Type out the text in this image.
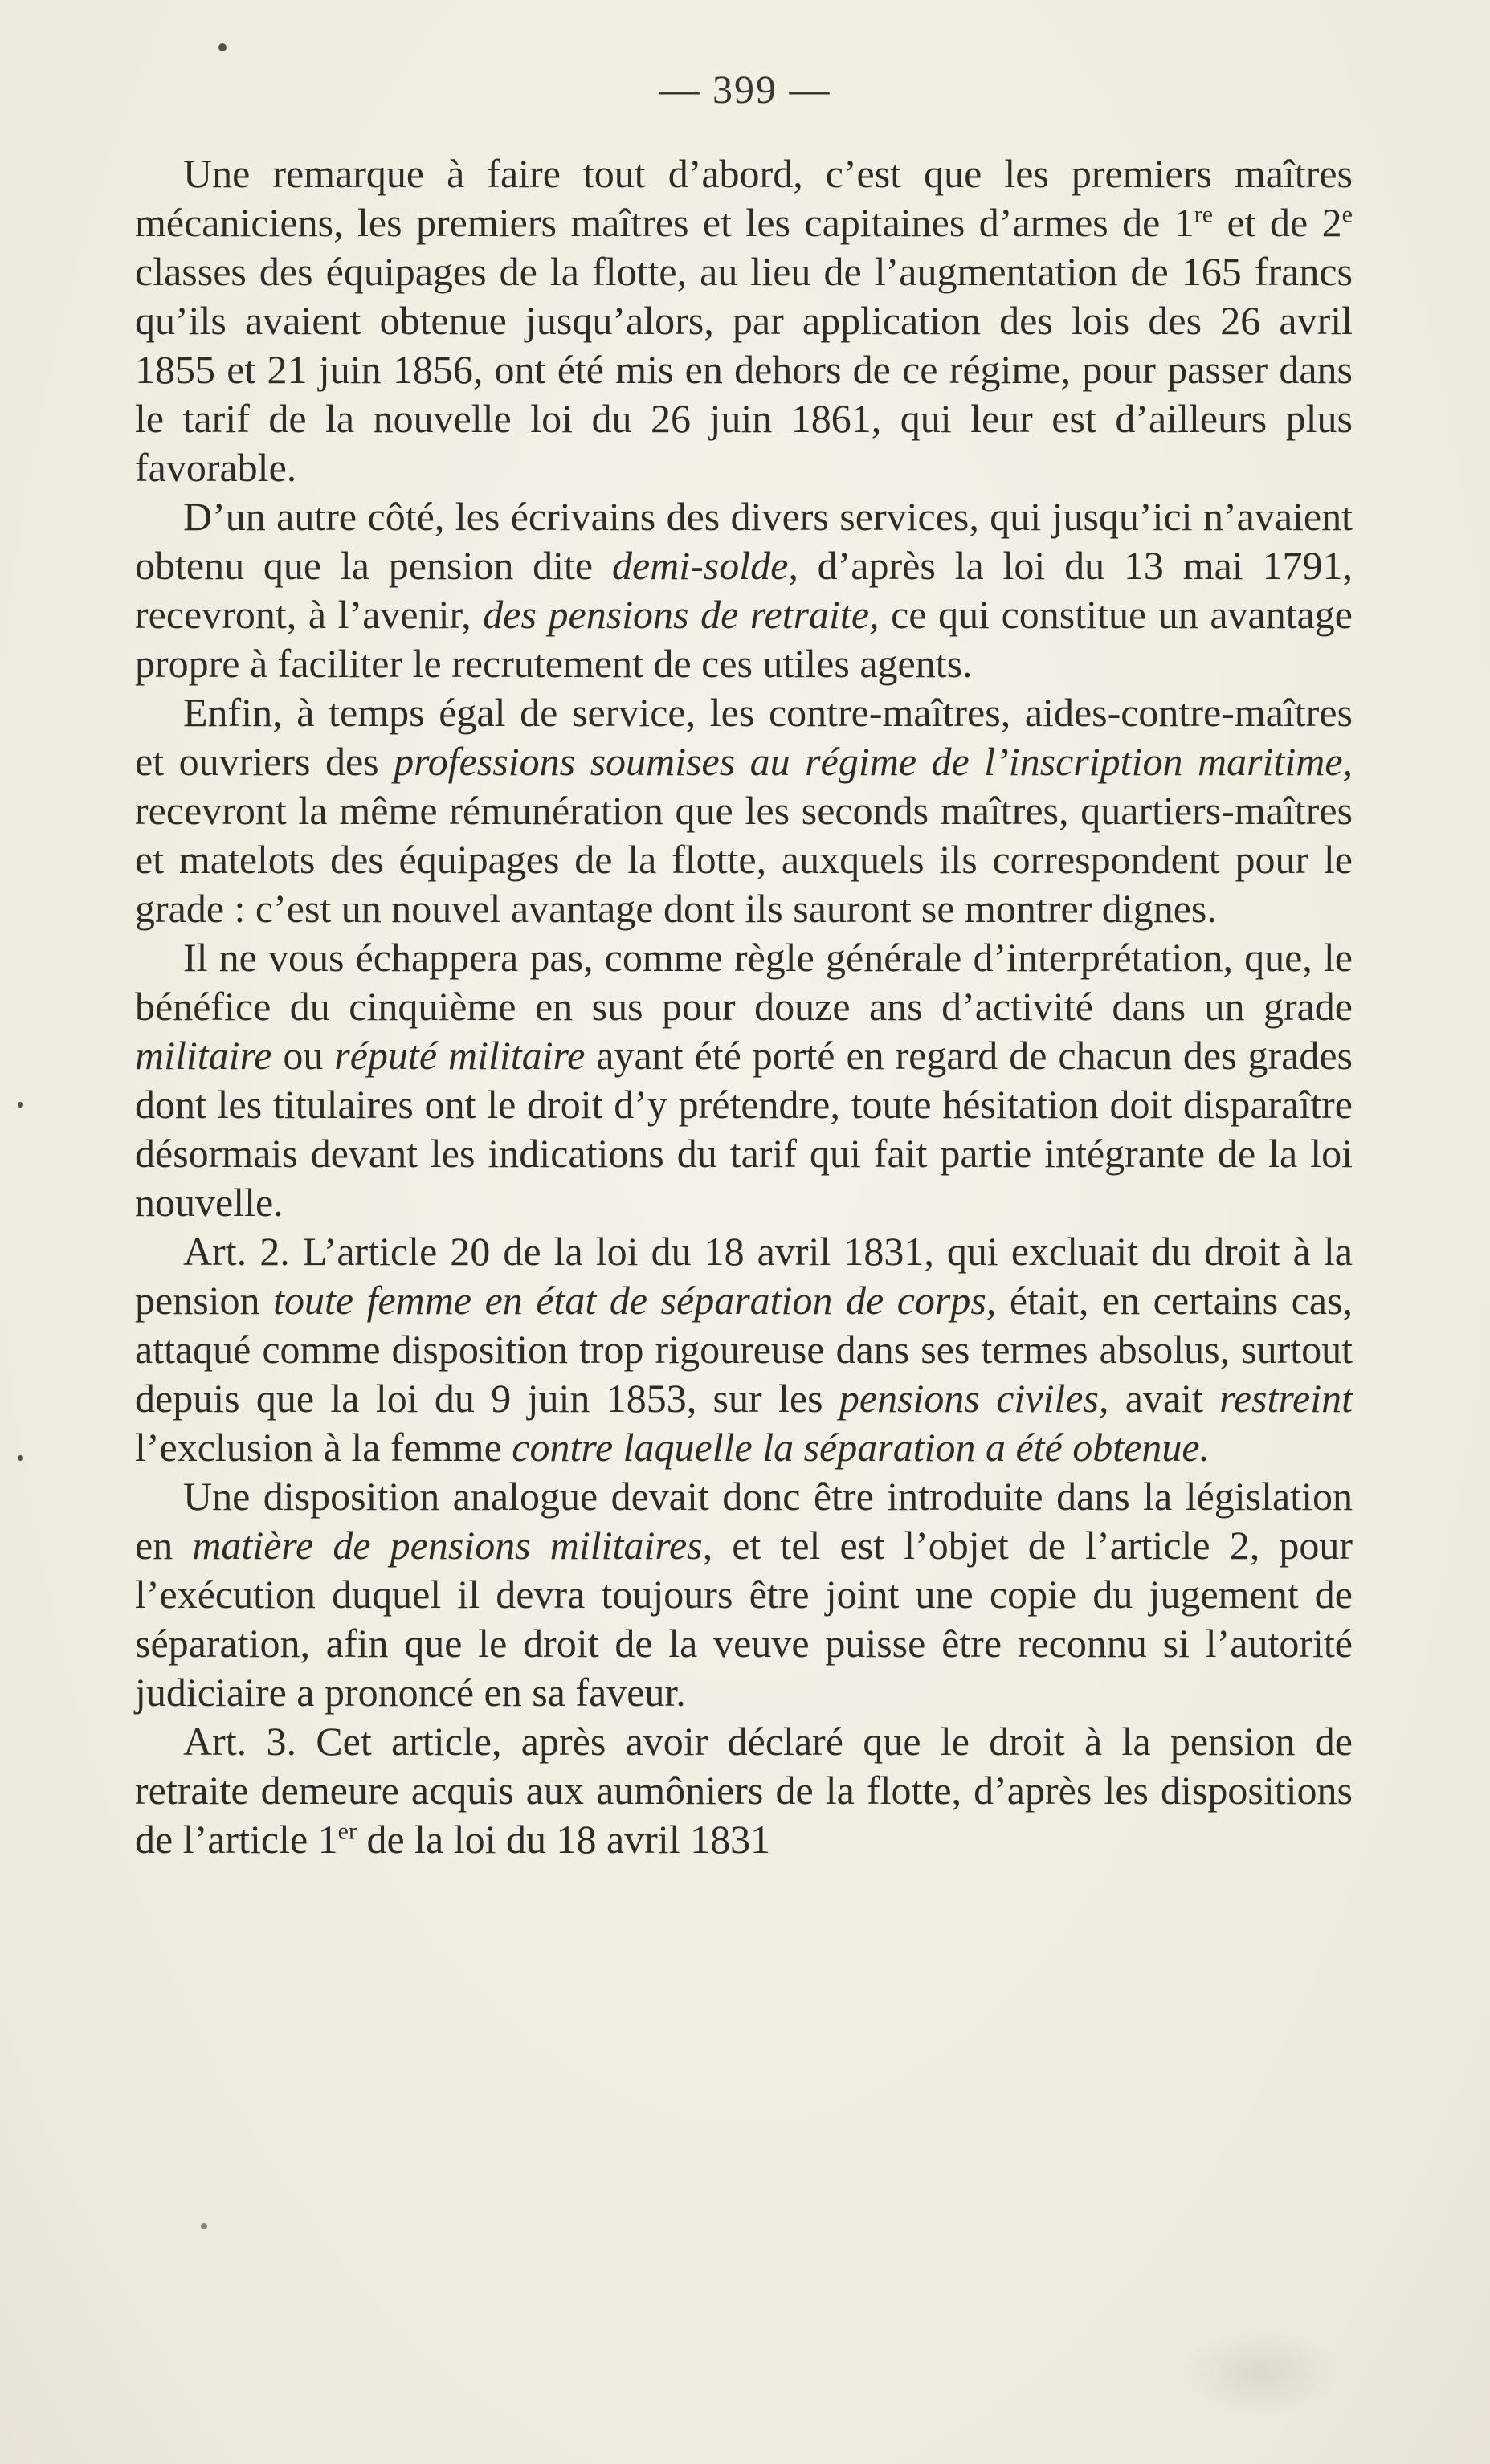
— 399 —

Une remarque à faire tout d’abord, c’est que les premiers maîtres mécaniciens, les premiers maîtres et les capitaines d’armes de 1re et de 2e classes des équipages de la flotte, au lieu de l’augmentation de 165 francs qu’ils avaient obtenue jusqu’alors, par application des lois des 26 avril 1855 et 21 juin 1856, ont été mis en dehors de ce régime, pour passer dans le tarif de la nouvelle loi du 26 juin 1861, qui leur est d’ailleurs plus favorable.

D’un autre côté, les écrivains des divers services, qui jusqu’ici n’avaient obtenu que la pension dite demi-solde, d’après la loi du 13 mai 1791, recevront, à l’avenir, des pensions de retraite, ce qui constitue un avantage propre à faciliter le recrutement de ces utiles agents.

Enfin, à temps égal de service, les contre-maîtres, aides-contre-maîtres et ouvriers des professions soumises au régime de l’inscription maritime, recevront la même rémunération que les seconds maîtres, quartiers-maîtres et matelots des équipages de la flotte, auxquels ils correspondent pour le grade : c’est un nouvel avantage dont ils sauront se montrer dignes.

Il ne vous échappera pas, comme règle générale d’interprétation, que, le bénéfice du cinquième en sus pour douze ans d’activité dans un grade militaire ou réputé militaire ayant été porté en regard de chacun des grades dont les titulaires ont le droit d’y prétendre, toute hésitation doit disparaître désormais devant les indications du tarif qui fait partie intégrante de la loi nouvelle.

Art. 2. L’article 20 de la loi du 18 avril 1831, qui excluait du droit à la pension toute femme en état de séparation de corps, était, en certains cas, attaqué comme disposition trop rigoureuse dans ses termes absolus, surtout depuis que la loi du 9 juin 1853, sur les pensions civiles, avait restreint l’exclusion à la femme contre laquelle la séparation a été obtenue.

Une disposition analogue devait donc être introduite dans la législation en matière de pensions militaires, et tel est l’objet de l’article 2, pour l’exécution duquel il devra toujours être joint une copie du jugement de séparation, afin que le droit de la veuve puisse être reconnu si l’autorité judiciaire a prononcé en sa faveur.

Art. 3. Cet article, après avoir déclaré que le droit à la pension de retraite demeure acquis aux aumôniers de la flotte, d’après les dispositions de l’article 1er de la loi du 18 avril 1831
